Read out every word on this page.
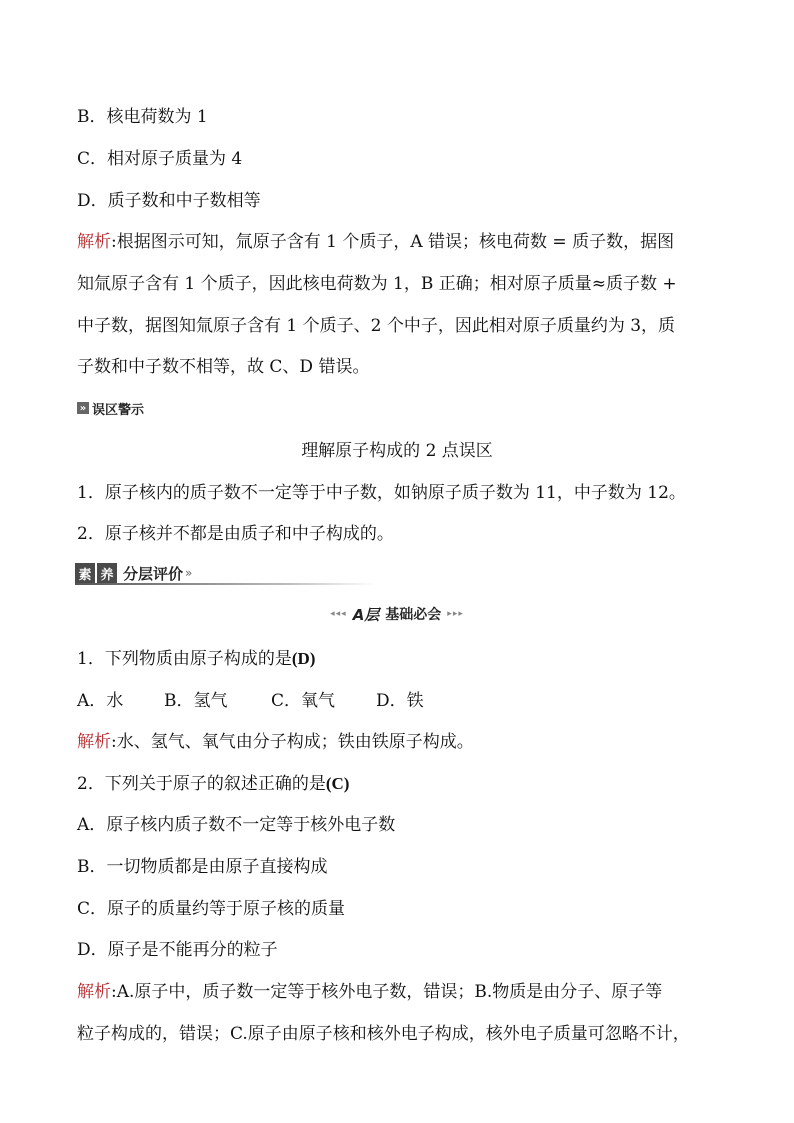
B．核电荷数为 1
C．相对原子质量为 4
D．质子数和中子数相等
解析:根据图示可知，氚原子含有 1 个质子，A 错误；核电荷数 = 质子数，据图
知氚原子含有 1 个质子，因此核电荷数为 1，B 正确；相对原子质量≈质子数 +
中子数，据图知氚原子含有 1 个质子、2 个中子，因此相对原子质量约为 3，质
子数和中子数不相等，故 C、D 错误。
» 误区警示
理解原子构成的 2 点误区
1．原子核内的质子数不一定等于中子数，如钠原子质子数为 11，中子数为 12。
2．原子核并不都是由质子和中子构成的。
素 养 分层评价 »
◂◂◂ A层 基础必会 ▸▸▸
1．下列物质由原子构成的是(D)
A．水 B．氢气	C．氧气 D．铁
解析:水、氢气、氧气由分子构成；铁由铁原子构成。
2．下列关于原子的叙述正确的是(C)
A．原子核内质子数不一定等于核外电子数
B．一切物质都是由原子直接构成
C．原子的质量约等于原子核的质量
D．原子是不能再分的粒子
解析:A.原子中，质子数一定等于核外电子数，错误；B.物质是由分子、原子等
粒子构成的，错误；C.原子由原子核和核外电子构成，核外电子质量可忽略不计，
